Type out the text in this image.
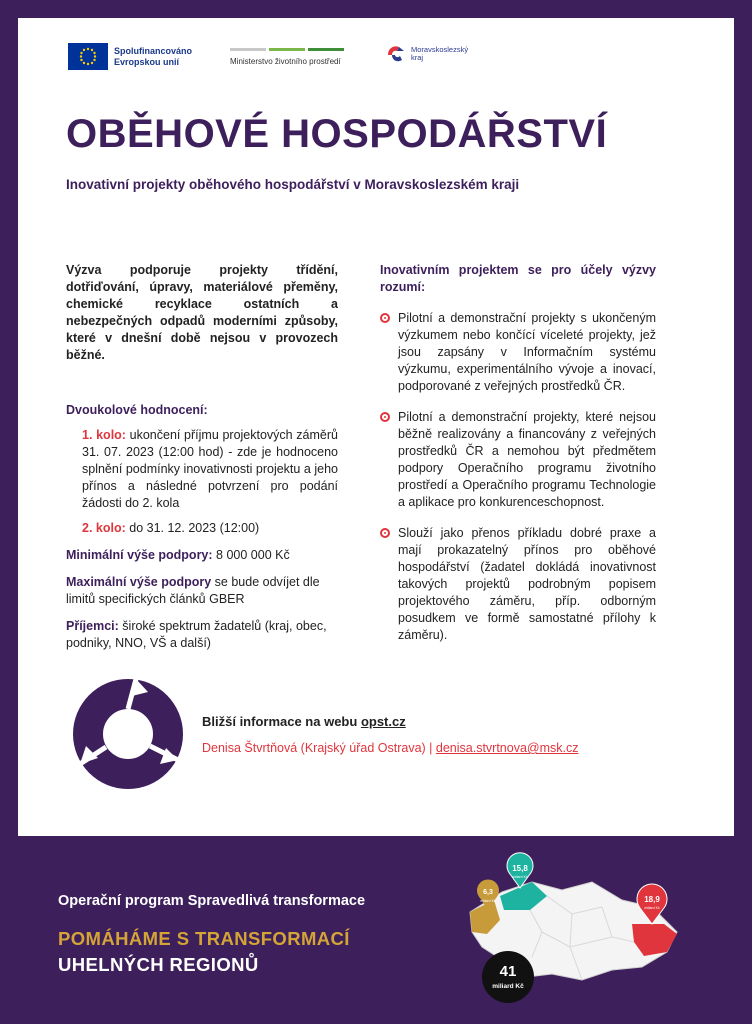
Spolufinancováno
Evropskou unií	Ministerstvo životního prostředí
Moravskoslezský
kraj
OBĚHOVÉ HOSPODÁŘSTVÍ
Inovativní projekty oběhového hospodářství v Moravskoslezském kraji

Výzva podporuje projekty třídění, dotřiďování, úpravy, materiálové přeměny, chemické recyklace ostatních a nebezpečných odpadů moderními způsoby, které v dnešní době nejsou v provozech běžné.

Dvoukolové hodnocení:

1. kolo: ukončení příjmu projektových záměrů 31. 07. 2023 (12:00 hod) - zde je hodnoceno splnění podmínky inovativnosti projektu a jeho přínos a následné potvrzení pro podání žádosti do 2. kola

2. kolo: do 31. 12. 2023 (12:00)

Minimální výše podpory: 8 000 000 Kč

Maximální výše podpory se bude odvíjet dle limitů specifických článků GBER

Příjemci: široké spektrum žadatelů (kraj, obec, podniky, NNO, VŠ a další)

Inovativním projektem se pro účely výzvy rozumí:

Pilotní a demonstrační projekty s ukončeným výzkumem nebo končící víceleté projekty, jež jsou zapsány v Informačním systému výzkumu, experimentálního vývoje a inovací, podporované z veřejných prostředků ČR.
Pilotní a demonstrační projekty, které nejsou běžně realizovány a financovány z veřejných prostředků ČR a nemohou být předmětem podpory Operačního programu životního prostředí a Operačního programu Technologie a aplikace pro konkurenceschopnost.
Slouží jako přenos příkladu dobré praxe a mají prokazatelný přínos pro oběhové hospodářství (žadatel dokládá inovativnost takových projektů podrobným popisem projektového záměru, příp. odborným posudkem ve formě samostatné přílohy k záměru).
Bližší informace na webu opst.cz
Denisa Štvrtňová (Krajský úřad Ostrava) | denisa.stvrtnova@msk.cz
Operační program Spravedlivá transformace
POMÁHÁME S TRANSFORMACÍ
UHELNÝCH REGIONŮ
6,3
miliard Kč
15,8
miliard Kč
18,9
miliard Kč
41
miliard Kč
